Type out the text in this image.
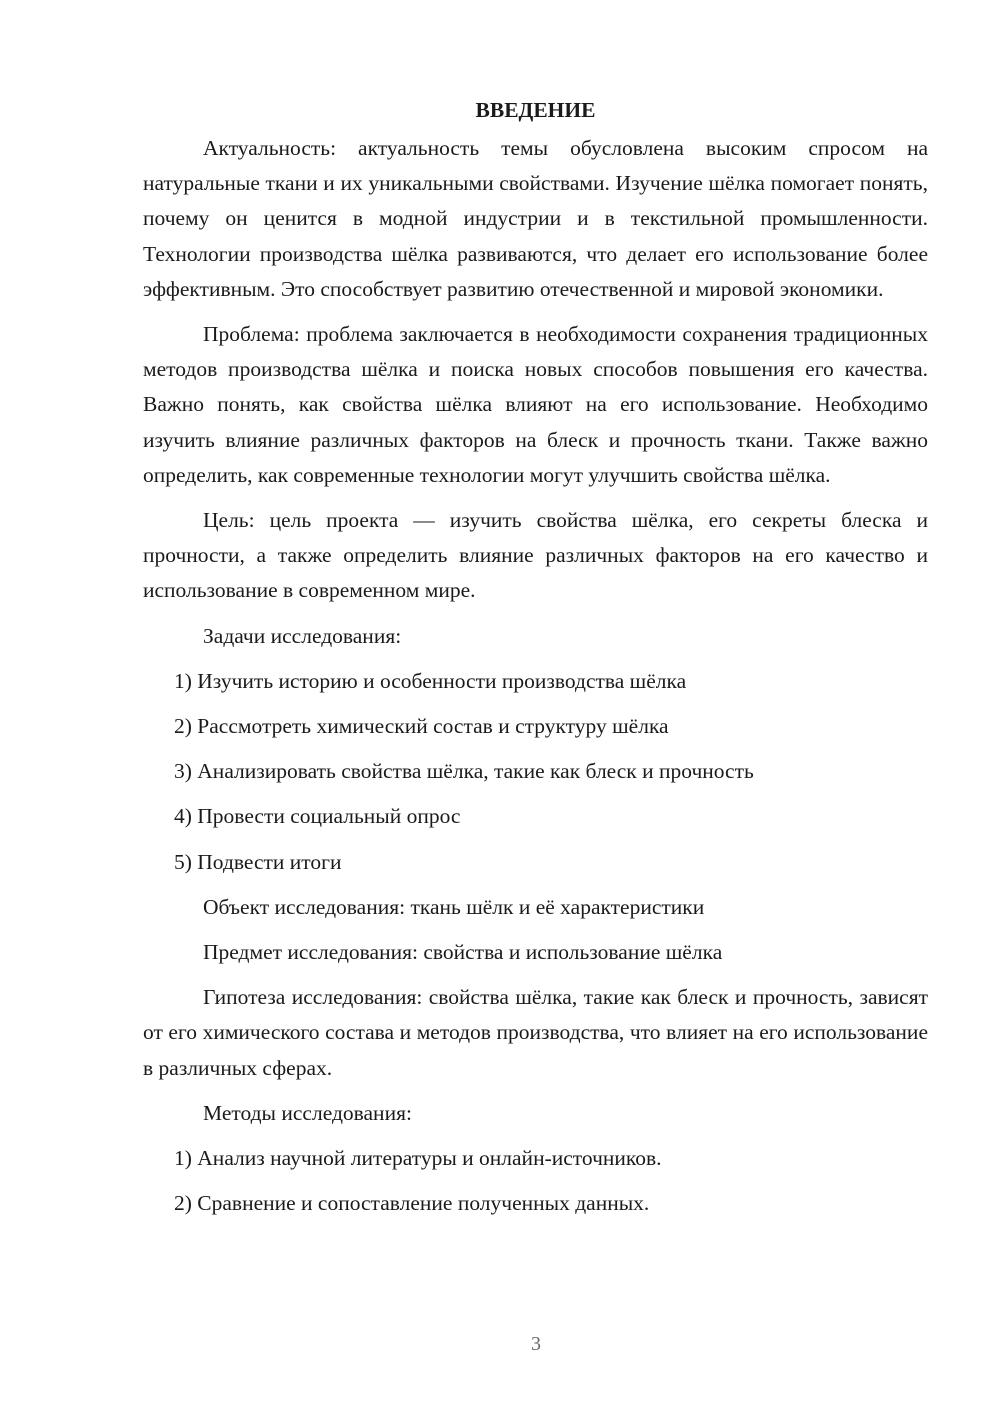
ВВЕДЕНИЕ

Актуальность: актуальность темы обусловлена высоким спросом на натуральные ткани и их уникальными свойствами. Изучение шёлка помогает понять, почему он ценится в модной индустрии и в текстильной промышленности. Технологии производства шёлка развиваются, что делает его использование более эффективным. Это способствует развитию отечественной и мировой экономики.

Проблема: проблема заключается в необходимости сохранения традиционных методов производства шёлка и поиска новых способов повышения его качества. Важно понять, как свойства шёлка влияют на его использование. Необходимо изучить влияние различных факторов на блеск и прочность ткани. Также важно определить, как современные технологии могут улучшить свойства шёлка.

Цель: цель проекта — изучить свойства шёлка, его секреты блеска и прочности, а также определить влияние различных факторов на его качество и использование в современном мире.

Задачи исследования:

1) Изучить историю и особенности производства шёлка
2) Рассмотреть химический состав и структуру шёлка
3) Анализировать свойства шёлка, такие как блеск и прочность
4) Провести социальный опрос
5) Подвести итоги

Объект исследования: ткань шёлк и её характеристики

Предмет исследования: свойства и использование шёлка

Гипотеза исследования: свойства шёлка, такие как блеск и прочность, зависят от его химического состава и методов производства, что влияет на его использование в различных сферах.

Методы исследования:

1) Анализ научной литературы и онлайн-источников.
2) Сравнение и сопоставление полученных данных.
3
